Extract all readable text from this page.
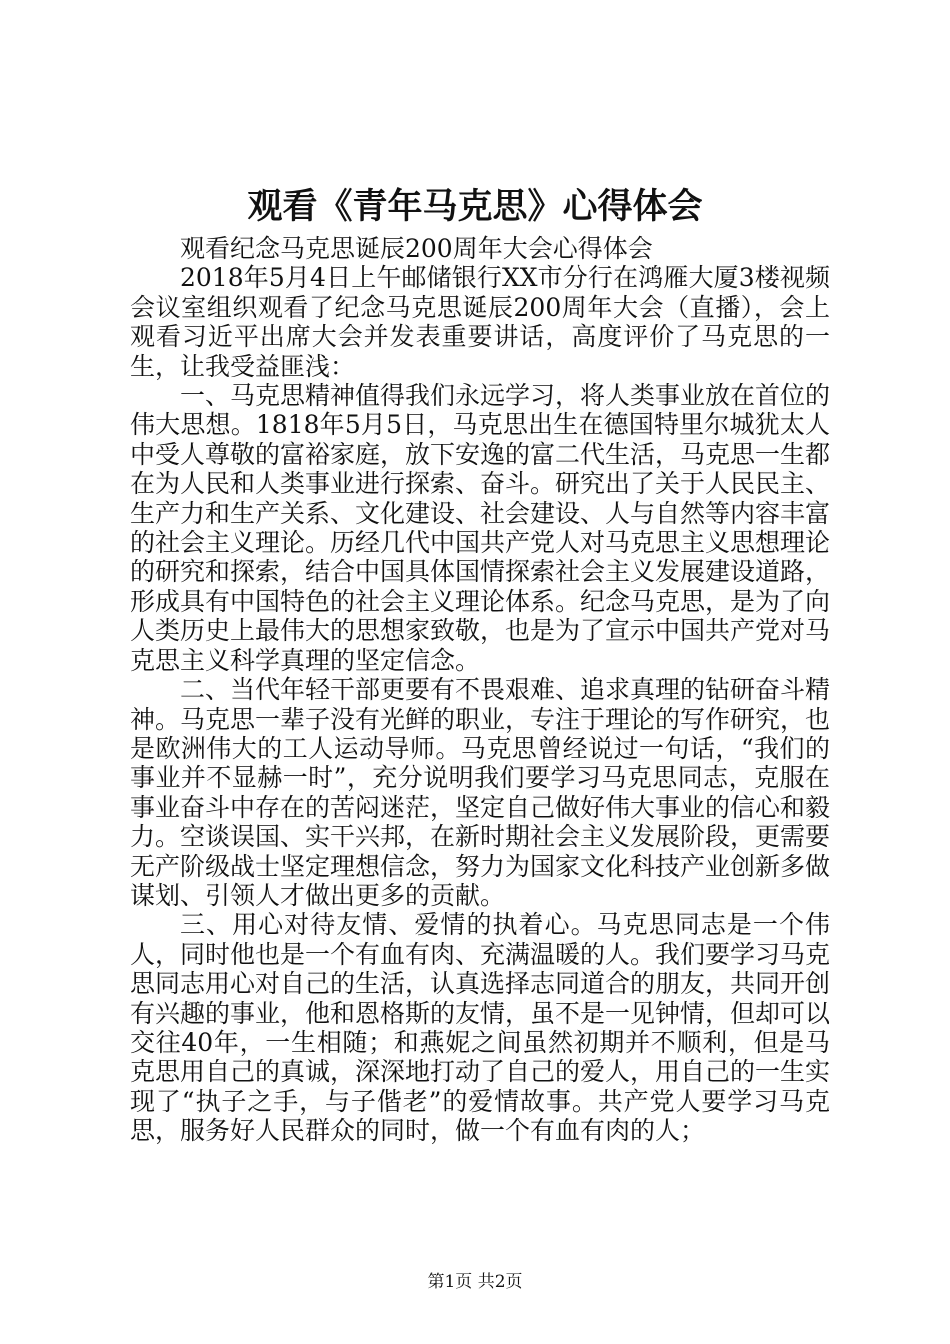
观看《青年马克思》心得体会

观看纪念马克思诞辰200周年大会心得体会

2018年5月4日上午邮储银行XX市分行在鸿雁大厦3楼视频会议室组织观看了纪念马克思诞辰200周年大会（直播），会上观看习近平出席大会并发表重要讲话，高度评价了马克思的一生，让我受益匪浅：

一、马克思精神值得我们永远学习，将人类事业放在首位的伟大思想。1818年5月5日，马克思出生在德国特里尔城犹太人中受人尊敬的富裕家庭，放下安逸的富二代生活，马克思一生都在为人民和人类事业进行探索、奋斗。研究出了关于人民民主、生产力和生产关系、文化建设、社会建设、人与自然等内容丰富的社会主义理论。历经几代中国共产党人对马克思主义思想理论的研究和探索，结合中国具体国情探索社会主义发展建设道路，形成具有中国特色的社会主义理论体系。纪念马克思，是为了向人类历史上最伟大的思想家致敬，也是为了宣示中国共产党对马克思主义科学真理的坚定信念。

二、当代年轻干部更要有不畏艰难、追求真理的钻研奋斗精神。马克思一辈子没有光鲜的职业，专注于理论的写作研究，也是欧洲伟大的工人运动导师。马克思曾经说过一句话，“我们的事业并不显赫一时”，充分说明我们要学习马克思同志，克服在事业奋斗中存在的苦闷迷茫，坚定自己做好伟大事业的信心和毅力。空谈误国、实干兴邦，在新时期社会主义发展阶段，更需要无产阶级战士坚定理想信念，努力为国家文化科技产业创新多做谋划、引领人才做出更多的贡献。

三、用心对待友情、爱情的执着心。马克思同志是一个伟人，同时他也是一个有血有肉、充满温暖的人。我们要学习马克思同志用心对自己的生活，认真选择志同道合的朋友，共同开创有兴趣的事业，他和恩格斯的友情，虽不是一见钟情，但却可以交往40年，一生相随；和燕妮之间虽然初期并不顺利，但是马克思用自己的真诚，深深地打动了自己的爱人，用自己的一生实现了“执子之手，与子偕老”的爱情故事。共产党人要学习马克思，服务好人民群众的同时，做一个有血有肉的人；

第1页 共2页
